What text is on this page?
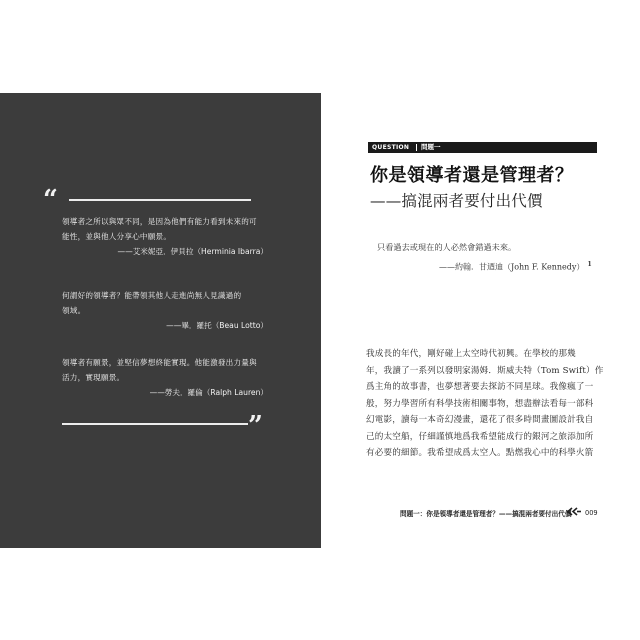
“

領導者之所以與眾不同，是因為他們有能力看到未來的可

能性，並與他人分享心中願景。

——艾米妮亞．伊貝拉（Herminia Ibarra）

何謂好的領導者？能帶領其他人走進尚無人見識過的

領域。

——畢．羅托（Beau Lotto）

領導者有願景，並堅信夢想終能實現。他能激發出力量與

活力，實現願景。

——勞夫．羅倫（Ralph Lauren）

”
QUESTION 問題一
你是領導者還是管理者？
——搞混兩者要付出代價
只看過去或現在的人必然會錯過未來。
——約翰．甘迺迪（John F. Kennedy） $^1$

我成長的年代，剛好碰上太空時代初興。在學校的那幾

年，我讀了一系列以發明家湯姆．斯威夫特（Tom Swift）作

爲主角的故事書，也夢想著要去探訪不同星球。我像瘋了一

般，努力學習所有科學技術相關事物，想盡辦法看每一部科

幻電影，讀每一本奇幻漫畫，還花了很多時間畫圖設計我自

己的太空船，仔細謹慎地爲我希望能成行的銀河之旅添加所

有必要的細節。我希望成爲太空人。點燃我心中的科學火箭

問題一：你是領導者還是管理者？——搞混兩者要付出代價 009
